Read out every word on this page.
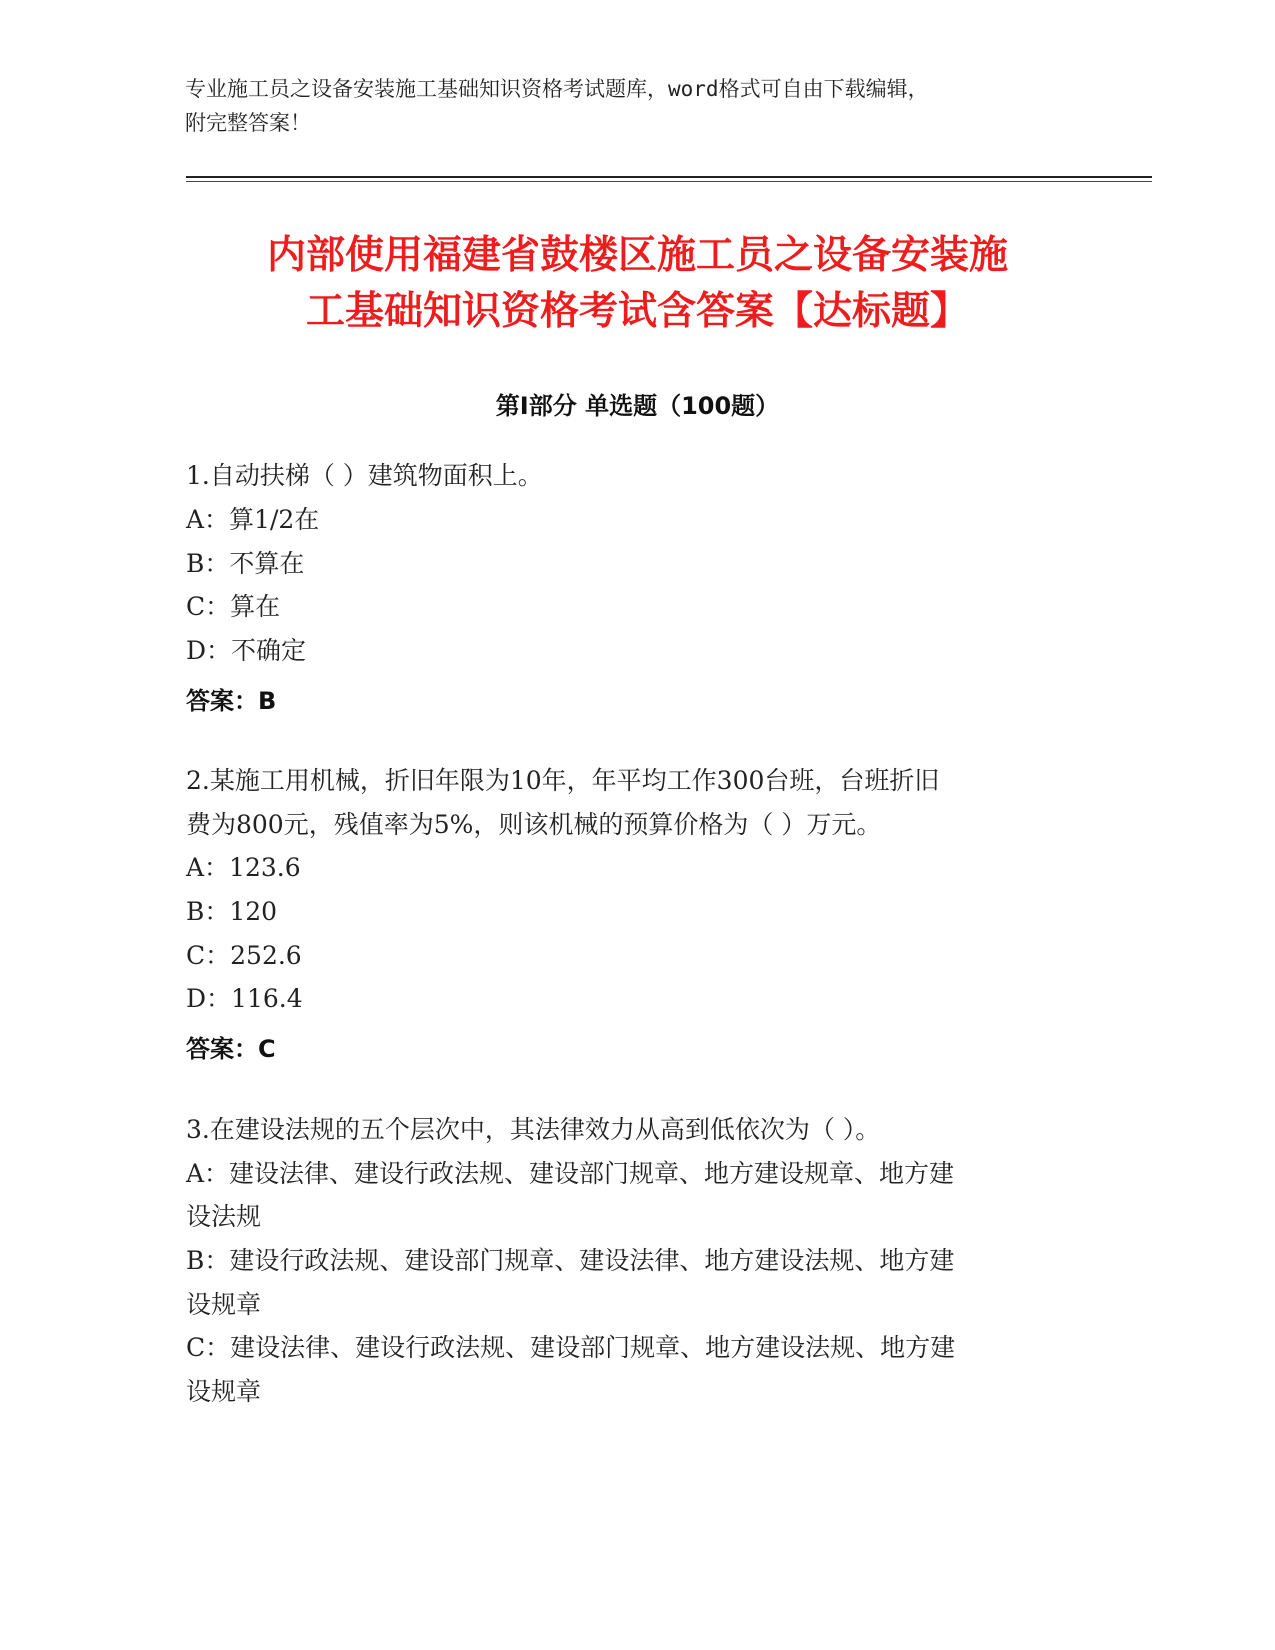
专业施工员之设备安装施工基础知识资格考试题库，word格式可自由下载编辑，
附完整答案！
内部使用福建省鼓楼区施工员之设备安装施
工基础知识资格考试含答案【达标题】
第I部分 单选题（100题）
1.自动扶梯（ ）建筑物面积上。
A：算1/2在
B：不算在
C：算在
D：不确定
答案：B
2.某施工用机械，折旧年限为10年，年平均工作300台班，台班折旧
费为800元，残值率为5%，则该机械的预算价格为（ ）万元。
A：123.6
B：120
C：252.6
D：116.4
答案：C
3.在建设法规的五个层次中，其法律效力从高到低依次为（ ）。
A：建设法律、建设行政法规、建设部门规章、地方建设规章、地方建
设法规
B：建设行政法规、建设部门规章、建设法律、地方建设法规、地方建
设规章
C：建设法律、建设行政法规、建设部门规章、地方建设法规、地方建
设规章
